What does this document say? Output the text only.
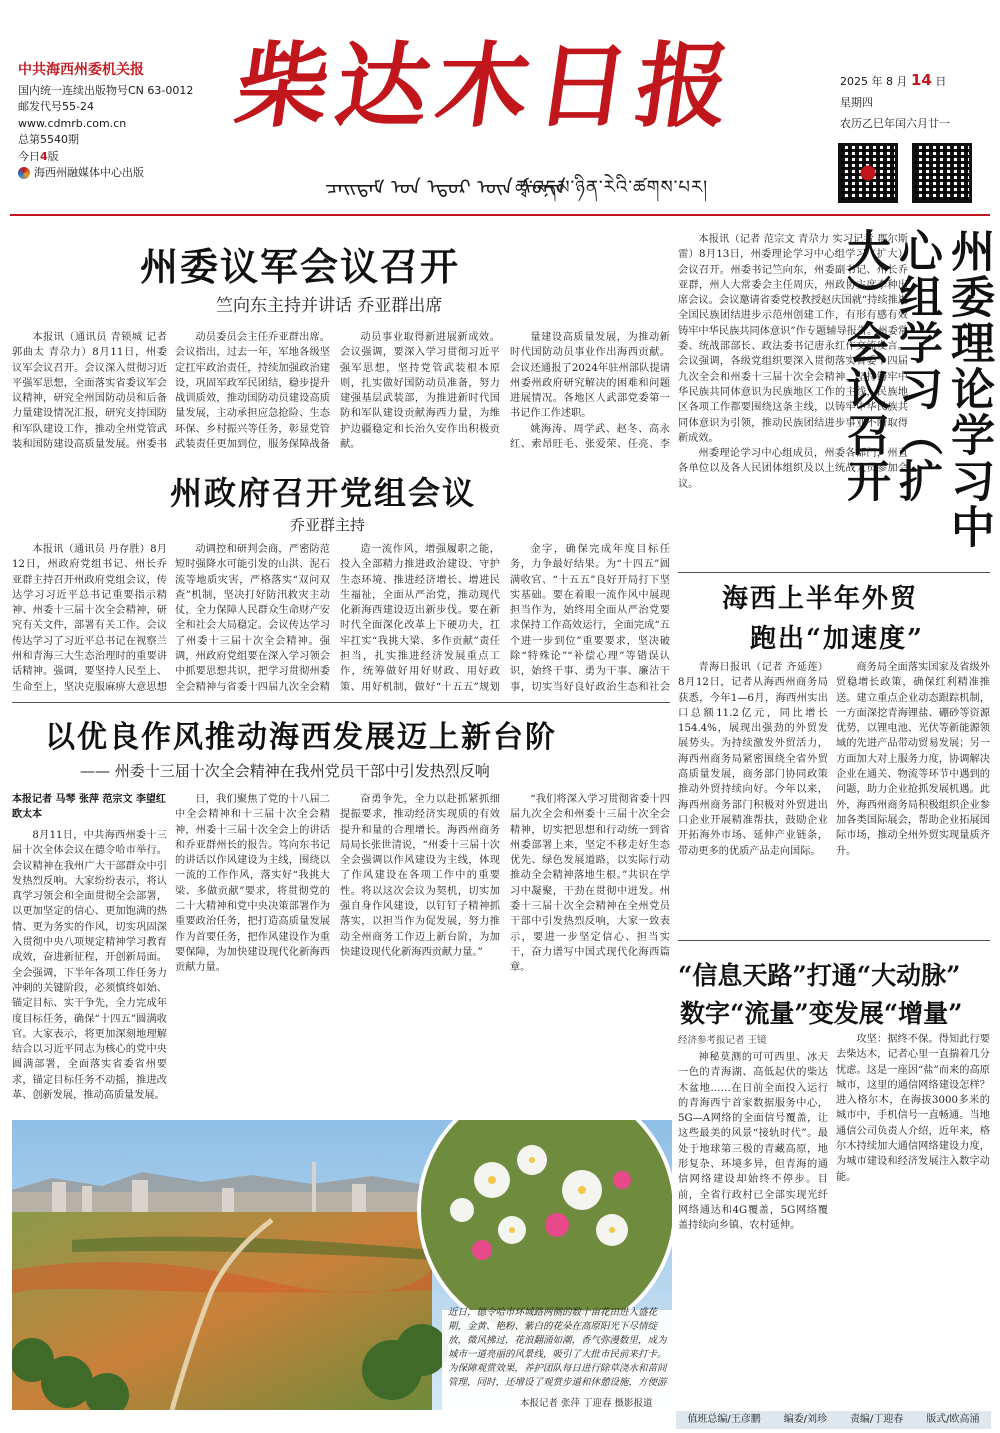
中共海西州委机关报
国内统一连续出版物号CN 63-0012
邮发代号55-24
www.cdmrb.com.cn
总第5540期
今日4版
海西州融媒体中心出版
柴达木日报
ᠴᠠᠢᠳᠠᠮ ᠤᠨ ᠡᠳᠦᠷ ᠦᠨ ᠰᠣᠨᠢᠨ
ཚྭ་འདམ་ཉིན་རེའི་ཚགས་པར།
2025 年 8 月 14 日
星期四
农历乙巳年闰六月廿一
州委议军会议召开
竺向东主持并讲话 乔亚群出席

本报讯（通讯员 青锁城 记者 郭曲太 青尕力）8月11日，州委议军会议召开。会议深入贯彻习近平强军思想，全面落实省委议军会议精神，研究全州国防动员和后备力量建设情况汇报，研究支持国防和军队建设工作，推动全州党管武装和国防建设高质量发展。州委书

动员委员会主任乔亚群出席。会议指出，过去一年，军地各级坚定扛牢政治责任，持续加强政治建设，巩固军政军民团结，稳步提升战训质效，推动国防动员建设高质量发展，主动承担应急抢险、生态环保、乡村振兴等任务，彰显党管武装责任更加到位，服务保障战备

动员事业取得新进展新成效。会议强调，要深入学习贯彻习近平强军思想，坚持党管武装根本原则，扎实做好国防动员准备，努力建强基层武装部，为推进新时代国防和军队建设贡献海西力量，为维护边疆稳定和长治久安作出积极贡献。

量建设高质量发展，为推动新时代国防动员事业作出海西贡献。会议还通报了2024年驻州部队提请州委州政府研究解决的困难和问题进展情况。各地区人武部党委第一书记作工作述职。

姚海涛、周学武、赵冬、高永红、索昂旺毛、张爱荣、任亮、李

州政府召开党组会议
乔亚群主持

本报讯（通讯员 丹存胜）8月12日，州政府党组书记、州长乔亚群主持召开州政府党组会议，传达学习习近平总书记重要指示精神、州委十三届十次全会精神，研究有关文件，部署有关工作。会议传达学习了习近平总书记在视察兰州和青海三大生态治理时的重要讲话精神。强调，要坚持人民至上、生命至上，坚决克服麻痹大意思想

动调控和研判会商，严密防范短时强降水可能引发的山洪、泥石流等地质灾害，严格落实“双问双查”机制，坚决打好防汛救灾主动仗，全力保障人民群众生命财产安全和社会大局稳定。会议传达学习了州委十三届十次全会精神。强调，州政府党组要在深入学习领会中抓要思想共识，把学习贯彻州委全会精神与省委十四届九次全会精

造一流作风，增强履职之能，投入全部精力推进政治建设、守护生态环境、推进经济增长、增进民生福祉，全面从严治党，推动现代化新海西建设迈出新步伐。要在新时代全面深化改革上下硬功夫，扛牢扛实“我挑大梁、多作贡献”责任担当，扎实推进经济发展重点工作，统筹做好用好财政、用好政策、用好机制，做好“十五五”规划

金字，确保完成年度目标任务，力争最好结果。为“十四五”圆满收官、“十五五”良好开局打下坚实基础。要在着眼一流作风中展现担当作为，始终用全面从严治党要求保持工作高效运行，全面完成“五个进一步到位”重要要求，坚决破除“特殊论”“补偿心理”等错误认识，始终干事、勇为干事、廉洁干事，切实当好良好政治生态和社会

以优良作风推动海西发展迈上新台阶
—— 州委十三届十次全会精神在我州党员干部中引发热烈反响
本报记者 马琴 张萍 范宗文 李望红 欧太本

8月11日，中共海西州委十三届十次全体会议在德令哈市举行。会议精神在我州广大干部群众中引发热烈反响。大家纷纷表示，将认真学习领会和全面贯彻全会部署，以更加坚定的信心、更加饱满的热情、更为务实的作风，切实巩固深入贯彻中央八项规定精神学习教育成效，奋进新征程，开创新局面。全会强调，下半年各项工作任务力冲刺的关键阶段，必须慎终如始、锚定目标、实干争先，全力完成年度目标任务，确保“十四五”圆满收官。大家表示，将更加深刻地理解结合以习近平同志为核心的党中央圆满部署，全面落实省委省州要求，锚定目标任务不动摇，推进改革、创新发展，推动高质量发展。

日，我们聚焦了党的十八届二中全会精神和十三届十次全会精神，州委十三届十次全会上的讲话和乔亚群州长的报告。笃向东书记的讲话以作风建设为主线，围绕以一流的工作作风，落实好“我挑大梁、多做贡献”要求，将贯彻党的二十大精神和党中央决策部署作为重要政治任务，把打造高质量发展作为首要任务，把作风建设作为重要保障，为加快建设现代化新海西贡献力量。

奋勇争先，全力以赴抓紧抓细提振要求，推动经济实现质的有效提升和量的合理增长。海西州商务局局长张世清说，“州委十三届十次全会强调以作风建设为主线，体现了作风建设在各项工作中的重要性。将以这次会议为契机，切实加强自身作风建设，以钉钉子精神抓落实，以担当作为促发展，努力推动全州商务工作迈上新台阶，为加快建设现代化新海西贡献力量。”

“我们将深入学习贯彻省委十四届九次全会和州委十三届十次全会精神，切实把思想和行动统一到省州委部署上来，坚定不移走好生态优先、绿色发展道路，以实际行动推动全会精神落地生根。”共识在学习中凝聚，干劲在贯彻中迸发。州委十三届十次全会精神在全州党员干部中引发热烈反响，大家一致表示，要进一步坚定信心、担当实干，奋力谱写中国式现代化海西篇章。

本报讯（记者 范宗文 青尕力 实习记者 郡尔斯雷）8月13日，州委理论学习中心组学习（扩大）会议召开。州委书记竺向东，州委副书记、州长乔亚群，州人大常委会主任周庆，州政协主席李种出席会议。会议邀请省委党校教授赵庆国就“持续推进全国民族团结进步示范州创建工作，有形有感有效铸牢中华民族共同体意识”作专题辅导报告。州委常委、统战部部长、政法委书记唐永红作交流发言。会议强调，各级党组织要深入贯彻落实省委十四届九次全会和州委十三届十次全会精神，坚持铸牢中华民族共同体意识为民族地区工作的主线，民族地区各项工作都要围绕这条主线，以铸牢中华民族共同体意识为引领，推动民族团结进步事业不断取得新成效。

州委理论学习中心组成员，州委各部门，州直各单位以及各人民团体组织及以上统战人员参加会议。	州委理论学习中心组学习（扩大）会议召开
海西上半年外贸
跑出“加速度”

青海日报讯（记者 齐延莲）8月12日，记者从海西州商务局获悉，今年1—6月，海西州实出口总额11.2亿元，同比增长154.4%，展现出强劲的外贸发展势头。为持续激发外贸活力，海西州商务局紧密围绕全省外贸高质量发展，商务部门协同政策推动外贸持续向好。今年以来，海西州商务部门积极对外贸进出口企业开展精准帮扶，鼓励企业开拓海外市场、延伸产业链条，带动更多的优质产品走向国际。

商务局全面落实国家及省级外贸稳增长政策，确保红利精准推送。建立重点企业动态跟踪机制，一方面深挖青海锂盐、硼砂等资源优势，以锂电池、光伏等新能源领域的先进产品带动贸易发展；另一方面加大对上服务力度，协调解决企业在通关、物流等环节中遇到的问题，助力企业抢抓发展机遇。此外，海西州商务局积极组织企业参加各类国际展会，帮助企业拓展国际市场，推动全州外贸实现量质齐升。

“信息天路”打通“大动脉”
数字“流量”变发展“增量”
经济参考报记者 王镜

神秘莫测的可可西里、冰天一色的青海湖、高低起伏的柴达木盆地……在日前全面投入运行的青海西宁首家数据服务中心，5G—A网络的全面信号覆盖，让这些最美的风景“接轨时代”。最处于地球第三极的青藏高原，地形复杂、环境多异，但青海的通信网络建设却始终不停步。目前，全省行政村已全部实现光纤网络通达和4G覆盖，5G网络覆盖持续向乡镇、农村延伸。

攻坚：据终不保。得知此行要去柴达木，记者心里一直揣着几分忧虑。这是一座因“盐”而来的高原城市，这里的通信网络建设怎样？进入格尔木，在海拔3000多米的城市中，手机信号一直畅通。当地通信公司负责人介绍，近年来，格尔木持续加大通信网络建设力度，为城市建设和经济发展注入数字动能。

近日，德令哈市环城路两侧的数十亩花田进入盛花期，金黄、艳粉、紫白的花朵在高原阳光下尽情绽放，微风拂过，花浪翻涌如潮，香气弥漫数里，成为城市一道亮丽的风景线，吸引了大批市民前来打卡。为保障观赏效果，养护团队每日进行除草浇水和苗间管理，同时，还增设了观赏步道和休憩设施，方便游
本报记者 张萍 丁迎春 摄影报道
值班总编/王彦鹏 编委/刘珍 责编/丁迎春 版式/欧高涌
